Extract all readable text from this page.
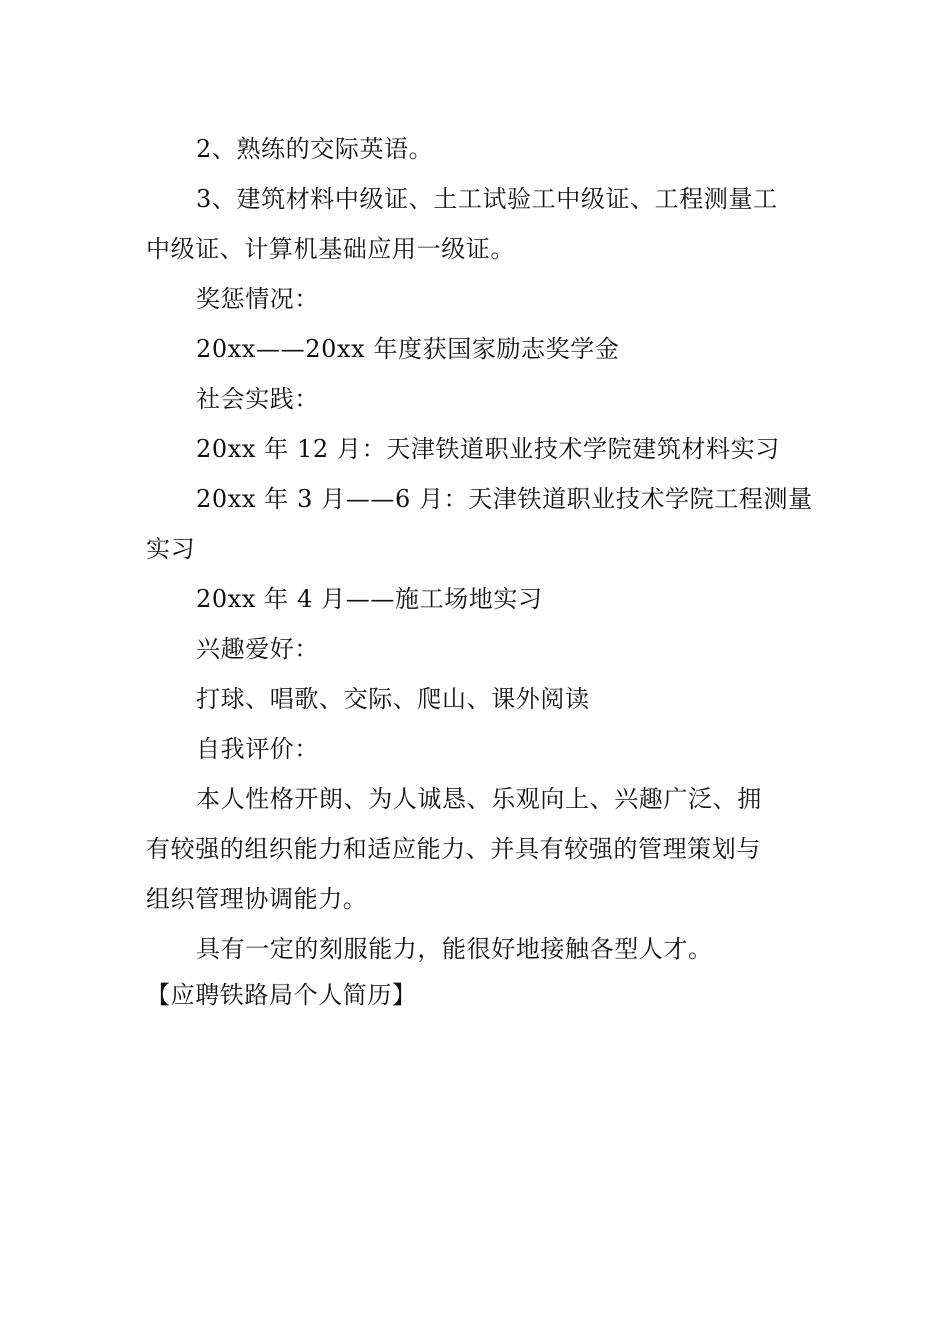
2、熟练的交际英语。
3、建筑材料中级证、土工试验工中级证、工程测量工
中级证、计算机基础应用一级证。
奖惩情况：
20xx——20xx 年度获国家励志奖学金
社会实践：
20xx 年 12 月：天津铁道职业技术学院建筑材料实习
20xx 年 3 月——6 月：天津铁道职业技术学院工程测量
实习
20xx 年 4 月——施工场地实习
兴趣爱好：
打球、唱歌、交际、爬山、课外阅读
自我评价：
本人性格开朗、为人诚恳、乐观向上、兴趣广泛、拥
有较强的组织能力和适应能力、并具有较强的管理策划与
组织管理协调能力。
具有一定的刻服能力，能很好地接触各型人才。
【应聘铁路局个人简历】
